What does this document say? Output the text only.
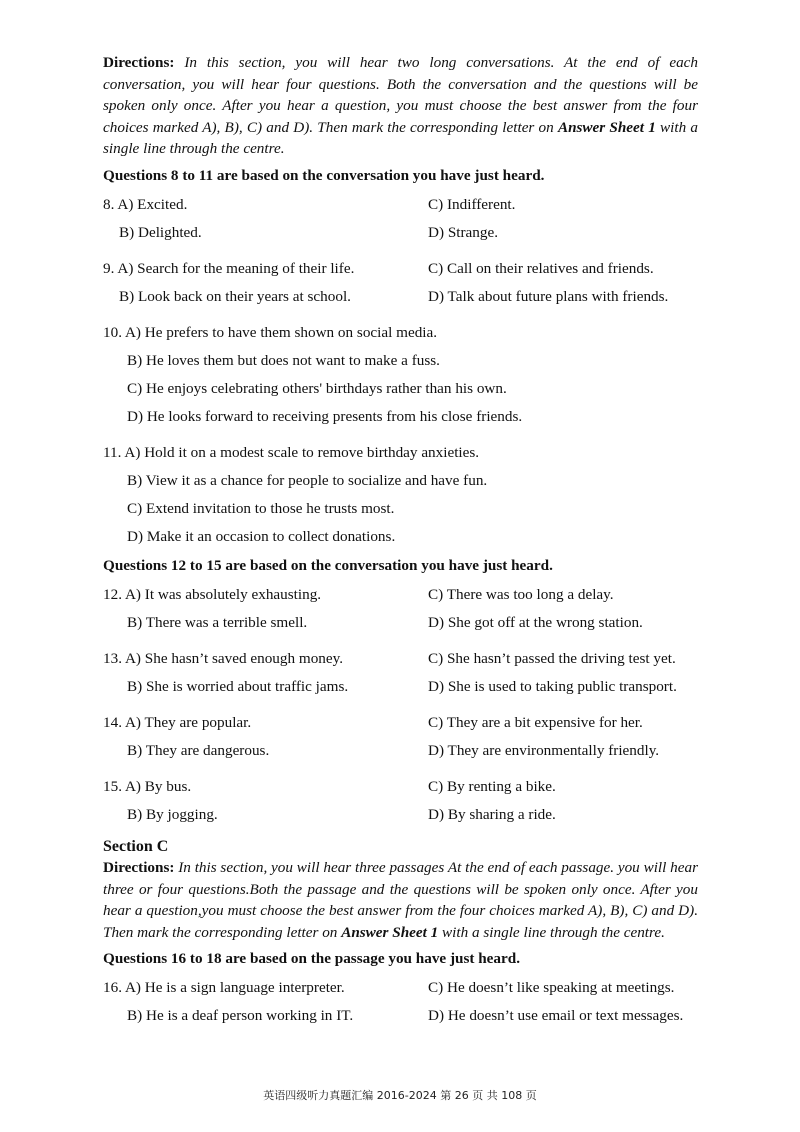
Directions: In this section, you will hear two long conversations. At the end of each conversation, you will hear four questions. Both the conversation and the questions will be spoken only once. After you hear a question, you must choose the best answer from the four choices marked A), B), C) and D). Then mark the corresponding letter on Answer Sheet 1 with a single line through the centre.

Questions 8 to 11 are based on the conversation you have just heard.
8. A) Excited.	C) Indifferent.
B) Delighted.	D) Strange.
9. A) Search for the meaning of their life.	C) Call on their relatives and friends.
B) Look back on their years at school.	D) Talk about future plans with friends.
10. A) He prefers to have them shown on social media.
B) He loves them but does not want to make a fuss.
C) He enjoys celebrating others' birthdays rather than his own.
D) He looks forward to receiving presents from his close friends.
11. A) Hold it on a modest scale to remove birthday anxieties.
B) View it as a chance for people to socialize and have fun.
C) Extend invitation to those he trusts most.
D) Make it an occasion to collect donations.
Questions 12 to 15 are based on the conversation you have just heard.
12. A) It was absolutely exhausting.	C) There was too long a delay.
B) There was a terrible smell.	D) She got off at the wrong station.
13. A) She hasn’t saved enough money.	C) She hasn’t passed the driving test yet.
B) She is worried about traffic jams.	D) She is used to taking public transport.
14. A) They are popular.	C) They are a bit expensive for her.
B) They are dangerous.	D) They are environmentally friendly.
15. A) By bus.	C) By renting a bike.
B) By jogging.	D) By sharing a ride.
Section C

Directions: In this section, you will hear three passages At the end of each passage. you will hear three or four questions.Both the passage and the questions will be spoken only once. After you hear a question,you must choose the best answer from the four choices marked A), B), C) and D). Then mark the corresponding letter on Answer Sheet 1 with a single line through the centre.

Questions 16 to 18 are based on the passage you have just heard.
16. A) He is a sign language interpreter.	C) He doesn’t like speaking at meetings.
B) He is a deaf person working in IT.	D) He doesn’t use email or text messages.
英语四级听力真题汇编 2016-2024 第 26 页 共 108 页
